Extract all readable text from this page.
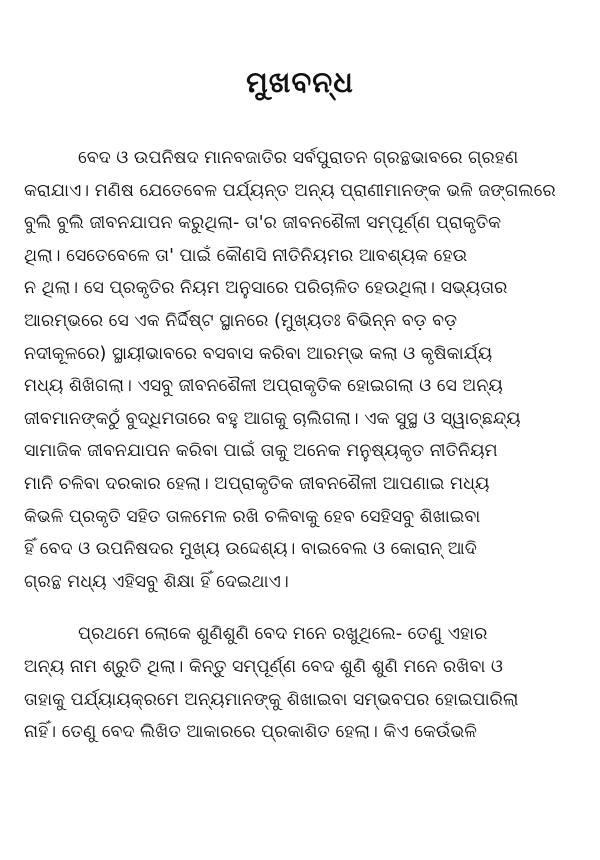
ମୁଖବନ୍ଧ

ବେଦ ଓ ଉପନିଷଦ ମାନବଜାତିର ସର୍ବପୁରାତନ ଗ୍ରନ୍ଥଭାବରେ ଗ୍ରହଣ
କରାଯାଏ। ମଣିଷ ଯେତେବେଳ ପର୍ଯ୍ୟନ୍ତ ଅନ୍ୟ ପ୍ରାଣୀମାନଙ୍କ ଭଳି ଜଙ୍ଗଲରେ
ବୁଲି ବୁଲି ଜୀବନଯାପନ କରୁଥିଲା- ତା'ର ଜୀବନଶୈଳୀ ସମ୍ପୂର୍ଣ୍ଣ ପ୍ରାକୃତିକ
ଥିଲା। ସେତେବେଳେ ତା' ପାଇଁ କୌଣସି ନୀତିନିୟମର ଆବଶ୍ୟକ ହେଉ
ନ ଥିଲା। ସେ ପ୍ରକୃତିର ନିୟମ ଅନୁସାରେ ପରିଚାଳିତ ହେଉଥିଲା। ସଭ୍ୟତାର
ଆରମ୍ଭରେ ସେ ଏକ ନିର୍ଦ୍ଦିଷ୍ଟ ସ୍ଥାନରେ (ମୁଖ୍ୟତଃ ବିଭିନ୍ନ ବଡ଼ ବଡ଼
ନଦୀକୂଳରେ) ସ୍ଥାୟୀଭାବରେ ବସବାସ କରିବା ଆରମ୍ଭ କଲା ଓ କୃଷିକାର୍ଯ୍ୟ
ମଧ୍ୟ ଶିଖିଗଲା। ଏସବୁ ଜୀବନଶୈଳୀ ଅପ୍ରାକୃତିକ ହୋଇଗଲା ଓ ସେ ଅନ୍ୟ
ଜୀବମାନଙ୍କଠୁଁ ବୁଦ୍ଧିମତାରେ ବହୁ ଆଗକୁ ଚାଲିଗଲା। ଏକ ସୁସ୍ଥ ଓ ସ୍ୱାଚ୍ଛନ୍ଦ୍ୟ
ସାମାଜିକ ଜୀବନଯାପନ କରିବା ପାଇଁ ତାକୁ ଅନେକ ମନୁଷ୍ୟକୃତ ନୀତିନିୟମ
ମାନି ଚଳିବା ଦରକାର ହେଲା। ଅପ୍ରାକୃତିକ ଜୀବନଶୈଳୀ ଆପଣାଇ ମଧ୍ୟ
କିଭଳି ପ୍ରକୃତି ସହିତ ତାଳମେଳ ରଖି ଚଳିବାକୁ ହେବ ସେହିସବୁ ଶିଖାଇବା
ହିଁ ବେଦ ଓ ଉପନିଷଦର ମୁଖ୍ୟ ଉଦ୍ଦେଶ୍ୟ। ବାଇବେଲ ଓ କୋରାନ୍ ଆଦି
ଗ୍ରନ୍ଥ ମଧ୍ୟ ଏହିସବୁ ଶିକ୍ଷା ହିଁ ଦେଇଥାଏ।

ପ୍ରଥମେ ଲୋକେ ଶୁଣିଶୁଣି ବେଦ ମନେ ରଖୁଥିଲେ- ତେଣୁ ଏହାର
ଅନ୍ୟ ନାମ ଶ୍ରୁତି ଥିଲା। କିନ୍ତୁ ସମ୍ପୂର୍ଣ୍ଣ ବେଦ ଶୁଣି ଶୁଣି ମନେ ରଖିବା ଓ
ତାହାକୁ ପର୍ଯ୍ୟାୟକ୍ରମେ ଅନ୍ୟମାନଙ୍କୁ ଶିଖାଇବା ସମ୍ଭବପର ହୋଇପାରିଲା
ନାହିଁ। ତେଣୁ ବେଦ ଲିଖିତ ଆକାରରେ ପ୍ରକାଶିତ ହେଲା। କିଏ କେଉଁଭଳି
